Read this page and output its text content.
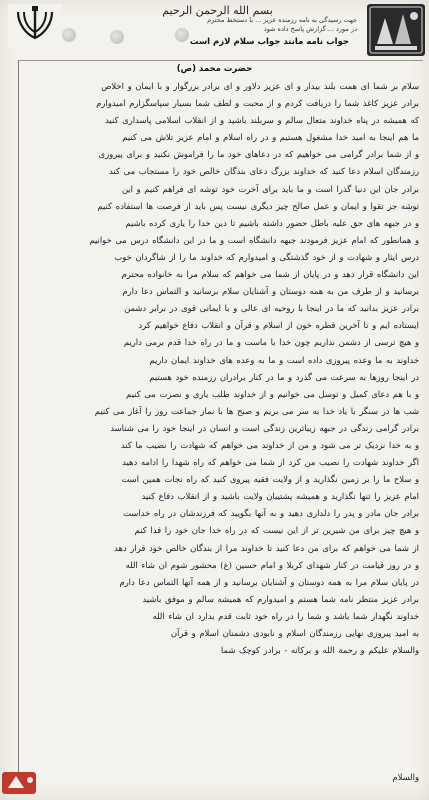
بسم الله الرحمن الرحیم
جهت رسیدگی به نامه رزمنده عزیز ... با دستخط محترم
در مورد ... گزارش پاسخ داده شود
جواب نامه مانند جواب سلام لازم است
حضرت محمد (ص)
سلام بر شما ای همت بلند بیدار و ای عزیز دلاور و ای برادر بزرگوار و با ایمان و اخلاص
برادر عزیز کاغذ شما را دریافت کردم و از محبت و لطف شما بسیار سپاسگزارم امیدوارم
که همیشه در پناه خداوند متعال سالم و سربلند باشید و از انقلاب اسلامی پاسداری کنید
ما هم اینجا به امید خدا مشغول هستیم و در راه اسلام و امام عزیز تلاش می کنیم
و از شما برادر گرامی می خواهیم که در دعاهای خود ما را فراموش نکنید و برای پیروزی
رزمندگان اسلام دعا کنید که خداوند بزرگ دعای بندگان خالص خود را مستجاب می کند
برادر جان این دنیا گذرا است و ما باید برای آخرت خود توشه ای فراهم کنیم و این
توشه جز تقوا و ایمان و عمل صالح چیز دیگری نیست پس باید از فرصت ها استفاده کنیم
و در جبهه های حق علیه باطل حضور داشته باشیم تا دین خدا را یاری کرده باشیم
و همانطور که امام عزیز فرمودند جبهه دانشگاه است و ما در این دانشگاه درس می خوانیم
درس ایثار و شهادت و از خود گذشتگی و امیدوارم که خداوند ما را از شاگردان خوب
این دانشگاه قرار دهد و در پایان از شما می خواهم که سلام مرا به خانواده محترم
برسانید و از طرف من به همه دوستان و آشنایان سلام برسانید و التماس دعا دارم
برادر عزیز بدانید که ما در اینجا با روحیه ای عالی و با ایمانی قوی در برابر دشمن
ایستاده ایم و تا آخرین قطره خون از اسلام و قرآن و انقلاب دفاع خواهیم کرد
و هیچ ترسی از دشمن نداریم چون خدا با ماست و ما در راه خدا قدم برمی داریم
خداوند به ما وعده پیروزی داده است و ما به وعده های خداوند ایمان داریم
در اینجا روزها به سرعت می گذرد و ما در کنار برادران رزمنده خود هستیم
و با هم دعای کمیل و توسل می خوانیم و از خداوند طلب یاری و نصرت می کنیم
شب ها در سنگر با یاد خدا به سر می بریم و صبح ها با نماز جماعت روز را آغاز می کنیم
برادر گرامی زندگی در جبهه زیباترین زندگی است و انسان در اینجا خود را می شناسد
و به خدا نزدیک تر می شود و من از خداوند می خواهم که شهادت را نصیب ما کند
اگر خداوند شهادت را نصیب من کرد از شما می خواهم که راه شهدا را ادامه دهید
و سلاح ما را بر زمین نگذارید و از ولایت فقیه پیروی کنید که راه نجات همین است
امام عزیز را تنها نگذارید و همیشه پشتیبان ولایت باشید و از انقلاب دفاع کنید
برادر جان مادر و پدر را دلداری دهید و به آنها بگویید که فرزندشان در راه خداست
و هیچ چیز برای من شیرین تر از این نیست که در راه خدا جان خود را فدا کنم
از شما می خواهم که برای من دعا کنید تا خداوند مرا از بندگان خالص خود قرار دهد
و در روز قیامت در کنار شهدای کربلا و امام حسین (ع) محشور شوم ان شاء الله
در پایان سلام مرا به همه دوستان و آشنایان برسانید و از همه آنها التماس دعا دارم
برادر عزیز منتظر نامه شما هستم و امیدوارم که همیشه سالم و موفق باشید
خداوند نگهدار شما باشد و شما را در راه خود ثابت قدم بدارد ان شاء الله
به امید پیروزی نهایی رزمندگان اسلام و نابودی دشمنان اسلام و قرآن
والسلام علیکم و رحمة الله و برکاته - برادر کوچک شما
والسلام
